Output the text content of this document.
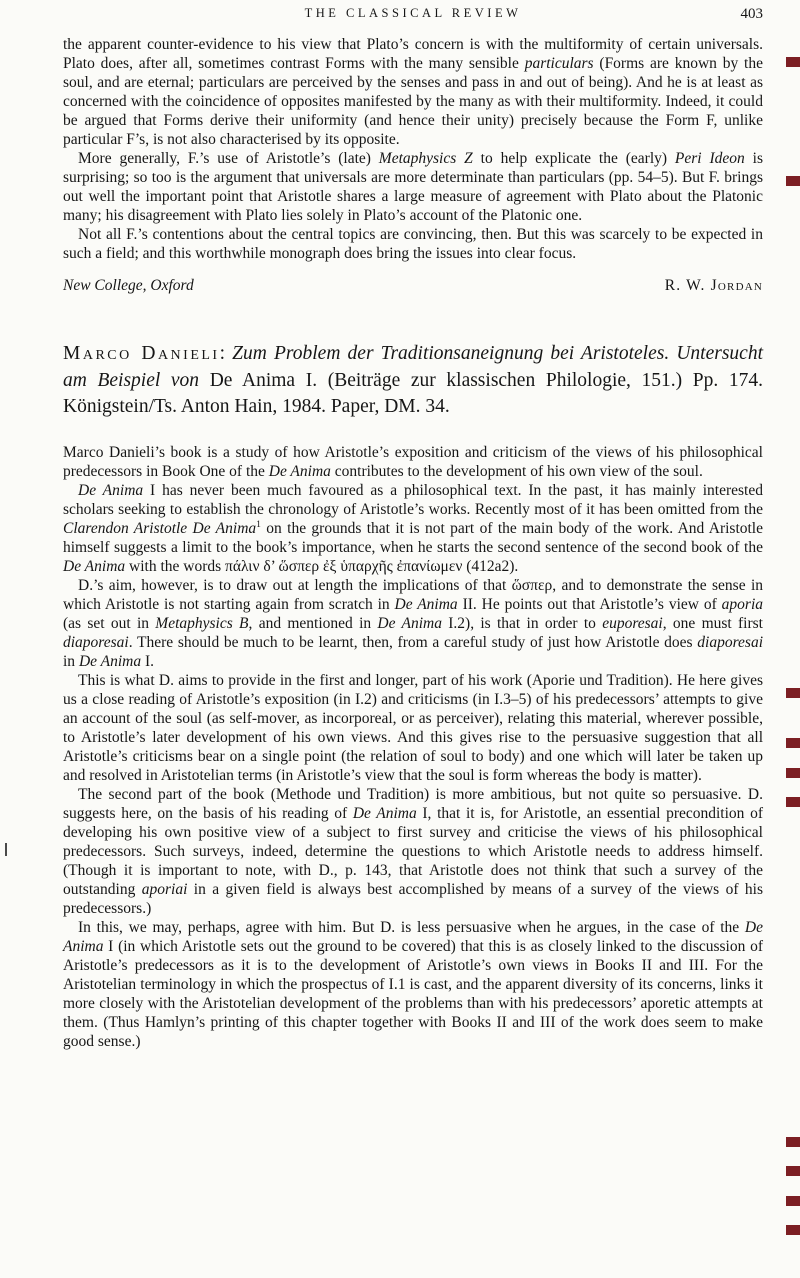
THE CLASSICAL REVIEW	403

the apparent counter-evidence to his view that Plato’s concern is with the multiformity of certain universals. Plato does, after all, sometimes contrast Forms with the many sensible particulars (Forms are known by the soul, and are eternal; particulars are perceived by the senses and pass in and out of being). And he is at least as concerned with the coincidence of opposites manifested by the many as with their multiformity. Indeed, it could be argued that Forms derive their uniformity (and hence their unity) precisely because the Form F, unlike particular F’s, is not also characterised by its opposite.

More generally, F.’s use of Aristotle’s (late) Metaphysics Z to help explicate the (early) Peri Ideon is surprising; so too is the argument that universals are more determinate than particulars (pp. 54–5). But F. brings out well the important point that Aristotle shares a large measure of agreement with Plato about the Platonic many; his disagreement with Plato lies solely in Plato’s account of the Platonic one.

Not all F.’s contentions about the central topics are convincing, then. But this was scarcely to be expected in such a field; and this worthwhile monograph does bring the issues into clear focus.

New College, Oxford	R. W. Jordan
Marco Danieli: Zum Problem der Traditionsaneignung bei Aristoteles. Untersucht am Beispiel von De Anima I. (Beiträge zur klassischen Philologie, 151.) Pp. 174. Königstein/Ts. Anton Hain, 1984. Paper, DM. 34.

Marco Danieli’s book is a study of how Aristotle’s exposition and criticism of the views of his philosophical predecessors in Book One of the De Anima contributes to the development of his own view of the soul.

De Anima I has never been much favoured as a philosophical text. In the past, it has mainly interested scholars seeking to establish the chronology of Aristotle’s works. Recently most of it has been omitted from the Clarendon Aristotle De Anima$^1$ on the grounds that it is not part of the main body of the work. And Aristotle himself suggests a limit to the book’s importance, when he starts the second sentence of the second book of the De Anima with the words πάλιν δ’ ὥσπερ ἐξ ὑπαρχῆς ἐπανίωμεν (412a2).

D.’s aim, however, is to draw out at length the implications of that ὥσπερ, and to demonstrate the sense in which Aristotle is not starting again from scratch in De Anima II. He points out that Aristotle’s view of aporia (as set out in Metaphysics B, and mentioned in De Anima I.2), is that in order to euporesai, one must first diaporesai. There should be much to be learnt, then, from a careful study of just how Aristotle does diaporesai in De Anima I.

This is what D. aims to provide in the first and longer, part of his work (Aporie und Tradition). He here gives us a close reading of Aristotle’s exposition (in I.2) and criticisms (in I.3–5) of his predecessors’ attempts to give an account of the soul (as self-mover, as incorporeal, or as perceiver), relating this material, wherever possible, to Aristotle’s later development of his own views. And this gives rise to the persuasive suggestion that all Aristotle’s criticisms bear on a single point (the relation of soul to body) and one which will later be taken up and resolved in Aristotelian terms (in Aristotle’s view that the soul is form whereas the body is matter).

The second part of the book (Methode und Tradition) is more ambitious, but not quite so persuasive. D. suggests here, on the basis of his reading of De Anima I, that it is, for Aristotle, an essential precondition of developing his own positive view of a subject to first survey and criticise the views of his philosophical predecessors. Such surveys, indeed, determine the questions to which Aristotle needs to address himself. (Though it is important to note, with D., p. 143, that Aristotle does not think that such a survey of the outstanding aporiai in a given field is always best accomplished by means of a survey of the views of his predecessors.)

In this, we may, perhaps, agree with him. But D. is less persuasive when he argues, in the case of the De Anima I (in which Aristotle sets out the ground to be covered) that this is as closely linked to the discussion of Aristotle’s predecessors as it is to the development of Aristotle’s own views in Books II and III. For the Aristotelian terminology in which the prospectus of I.1 is cast, and the apparent diversity of its concerns, links it more closely with the Aristotelian development of the problems than with his predecessors’ aporetic attempts at them. (Thus Hamlyn’s printing of this chapter together with Books II and III of the work does seem to make good sense.)
